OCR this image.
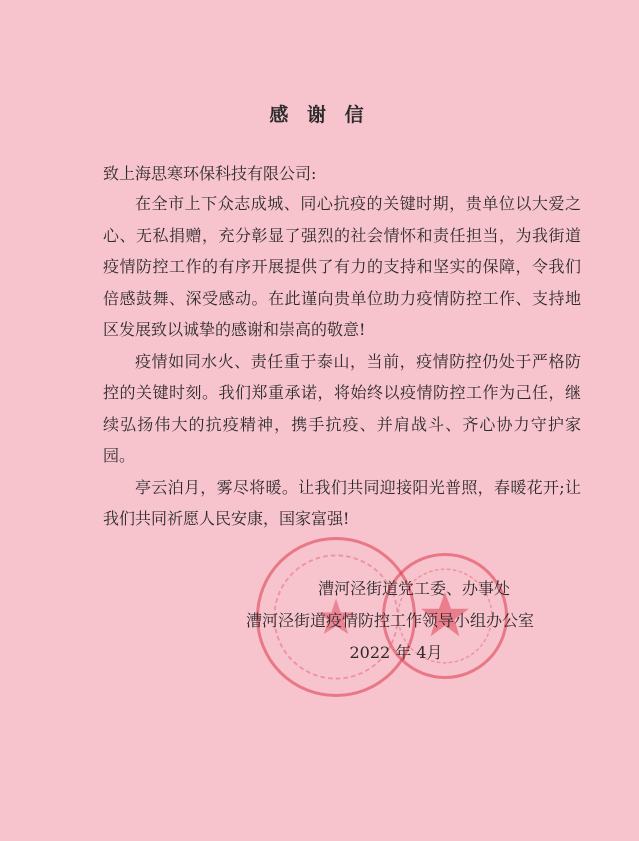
感 谢 信
致上海思寒环保科技有限公司:

在全市上下众志成城、同心抗疫的关键时期，贵单位以大爱之心、无私捐赠，充分彰显了强烈的社会情怀和责任担当，为我街道疫情防控工作的有序开展提供了有力的支持和坚实的保障，令我们倍感鼓舞、深受感动。在此谨向贵单位助力疫情防控工作、支持地区发展致以诚挚的感谢和崇高的敬意!

疫情如同水火、责任重于泰山，当前，疫情防控仍处于严格防控的关键时刻。我们郑重承诺，将始终以疫情防控工作为己任，继续弘扬伟大的抗疫精神，携手抗疫、并肩战斗、齐心协力守护家园。

亭云泊月，雾尽将暖。让我们共同迎接阳光普照，春暖花开;让我们共同祈愿人民安康，国家富强!

漕河泾街道党工委、办事处
漕河泾街道疫情防控工作领导小组办公室
2022 年 4月
